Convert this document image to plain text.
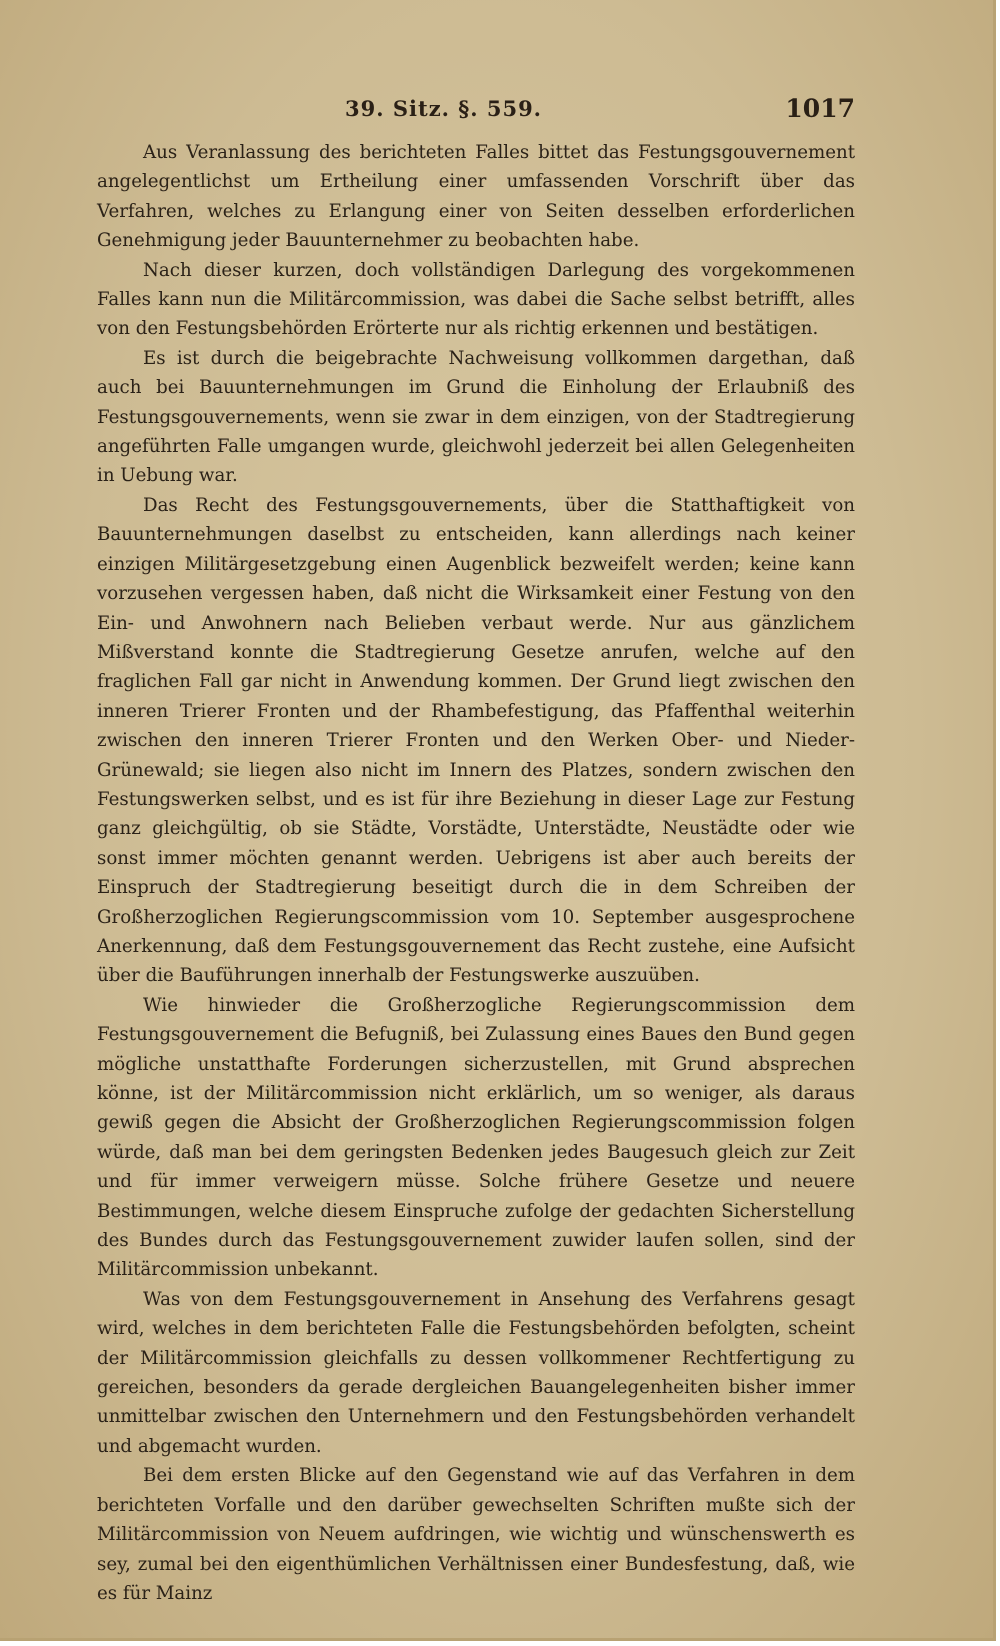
39. Sitz. §. 559.	1017

Aus Veranlassung des berichteten Falles bittet das Festungsgouvernement angelegentlichst um Ertheilung einer umfassenden Vorschrift über das Verfahren, welches zu Erlangung einer von Seiten desselben erforderlichen Genehmigung jeder Bauunternehmer zu beobachten habe.

Nach dieser kurzen, doch vollständigen Darlegung des vorgekommenen Falles kann nun die Militärcommission, was dabei die Sache selbst betrifft, alles von den Festungsbehörden Erörterte nur als richtig erkennen und bestätigen.

Es ist durch die beigebrachte Nachweisung vollkommen dargethan, daß auch bei Bauunternehmungen im Grund die Einholung der Erlaubniß des Festungsgouvernements, wenn sie zwar in dem einzigen, von der Stadtregierung angeführten Falle umgangen wurde, gleichwohl jederzeit bei allen Gelegenheiten in Uebung war.

Das Recht des Festungsgouvernements, über die Statthaftigkeit von Bauunternehmungen daselbst zu entscheiden, kann allerdings nach keiner einzigen Militärgesetzgebung einen Augenblick bezweifelt werden; keine kann vorzusehen vergessen haben, daß nicht die Wirksamkeit einer Festung von den Ein- und Anwohnern nach Belieben verbaut werde. Nur aus gänzlichem Mißverstand konnte die Stadtregierung Gesetze anrufen, welche auf den fraglichen Fall gar nicht in Anwendung kommen. Der Grund liegt zwischen den inneren Trierer Fronten und der Rhambefestigung, das Pfaffenthal weiterhin zwischen den inneren Trierer Fronten und den Werken Ober- und Nieder-Grünewald; sie liegen also nicht im Innern des Platzes, sondern zwischen den Festungswerken selbst, und es ist für ihre Beziehung in dieser Lage zur Festung ganz gleichgültig, ob sie Städte, Vorstädte, Unterstädte, Neustädte oder wie sonst immer möchten genannt werden. Uebrigens ist aber auch bereits der Einspruch der Stadtregierung beseitigt durch die in dem Schreiben der Großherzoglichen Regierungscommission vom 10. September ausgesprochene Anerkennung, daß dem Festungsgouvernement das Recht zustehe, eine Aufsicht über die Bauführungen innerhalb der Festungswerke auszuüben.

Wie hinwieder die Großherzogliche Regierungscommission dem Festungsgouvernement die Befugniß, bei Zulassung eines Baues den Bund gegen mögliche unstatthafte Forderungen sicherzustellen, mit Grund absprechen könne, ist der Militärcommission nicht erklärlich, um so weniger, als daraus gewiß gegen die Absicht der Großherzoglichen Regierungscommission folgen würde, daß man bei dem geringsten Bedenken jedes Baugesuch gleich zur Zeit und für immer verweigern müsse. Solche frühere Gesetze und neuere Bestimmungen, welche diesem Einspruche zufolge der gedachten Sicherstellung des Bundes durch das Festungsgouvernement zuwider laufen sollen, sind der Militärcommission unbekannt.

Was von dem Festungsgouvernement in Ansehung des Verfahrens gesagt wird, welches in dem berichteten Falle die Festungsbehörden befolgten, scheint der Militärcommission gleichfalls zu dessen vollkommener Rechtfertigung zu gereichen, besonders da gerade dergleichen Bauangelegenheiten bisher immer unmittelbar zwischen den Unternehmern und den Festungsbehörden verhandelt und abgemacht wurden.

Bei dem ersten Blicke auf den Gegenstand wie auf das Verfahren in dem berichteten Vorfalle und den darüber gewechselten Schriften mußte sich der Militärcommission von Neuem aufdringen, wie wichtig und wünschenswerth es sey, zumal bei den eigenthümlichen Verhältnissen einer Bundesfestung, daß, wie es für Mainz
